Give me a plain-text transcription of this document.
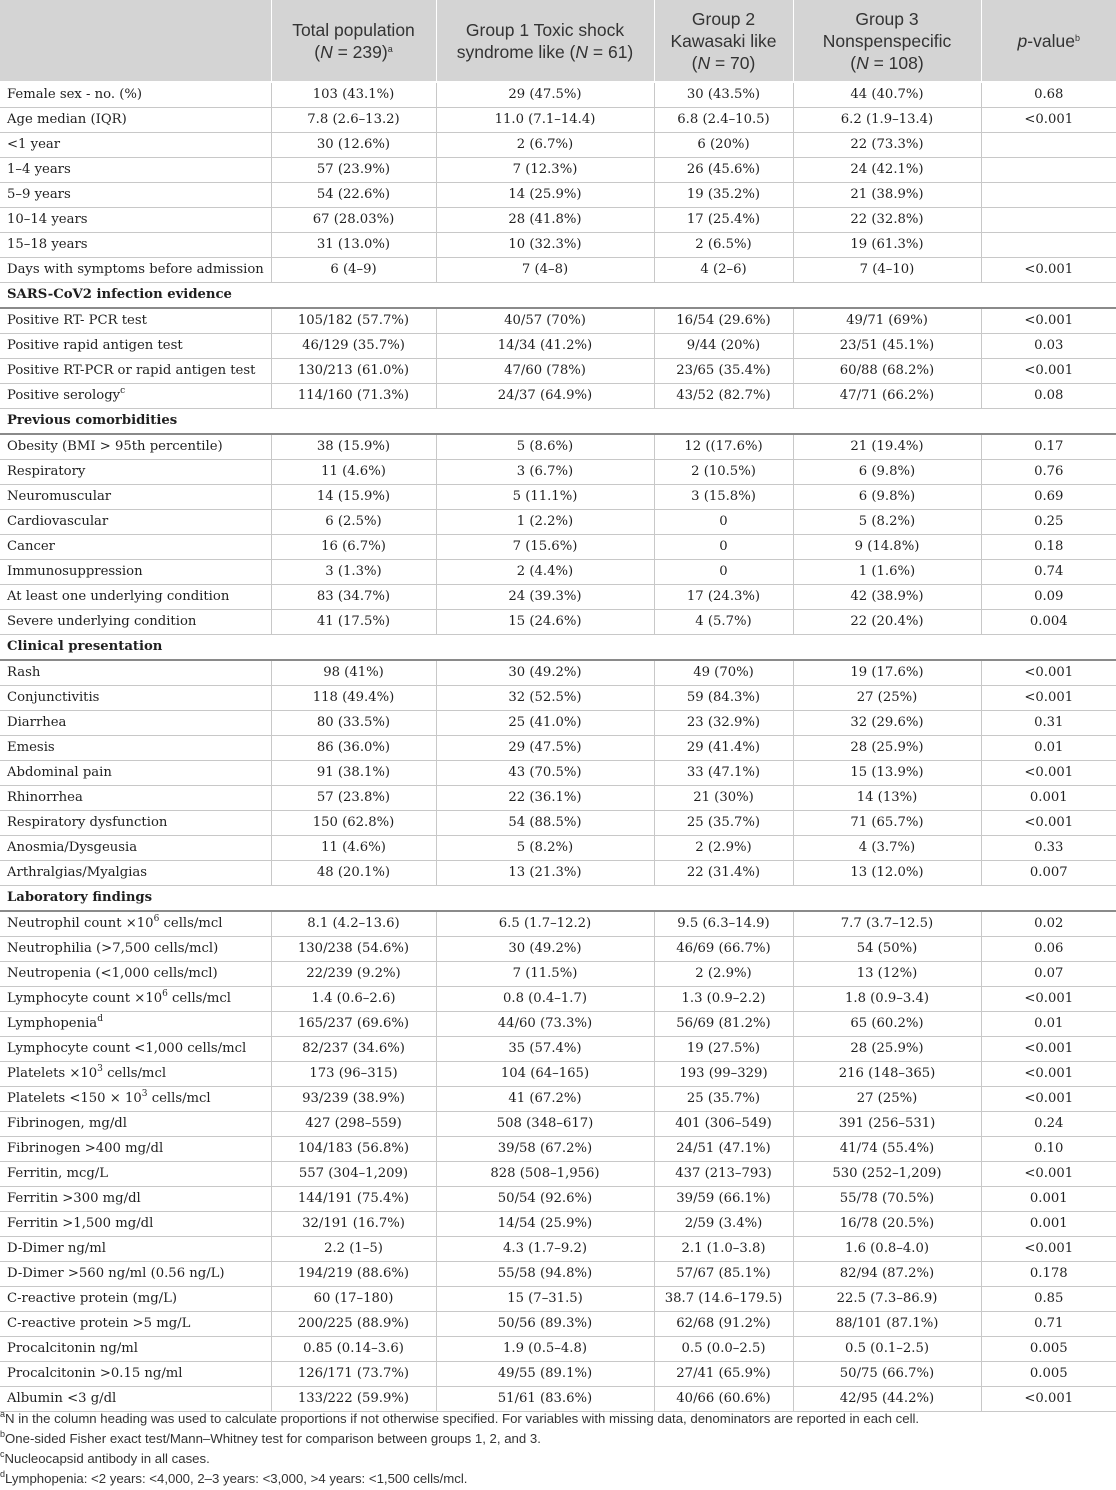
	Total population
(N = 239)$^a$	Group 1 Toxic shock
syndrome like (N = 61)	Group 2
Kawasaki like
(N = 70)	Group 3
Nonspenspecific
(N = 108)	p-value$^b$

Female sex - no. (%)	103 (43.1%)	29 (47.5%)	30 (43.5%)	44 (40.7%)	0.68
Age median (IQR)	7.8 (2.6–13.2)	11.0 (7.1–14.4)	6.8 (2.4–10.5)	6.2 (1.9–13.4)	<0.001
<1 year	30 (12.6%)	2 (6.7%)	6 (20%)	22 (73.3%)	
1–4 years	57 (23.9%)	7 (12.3%)	26 (45.6%)	24 (42.1%)	
5–9 years	54 (22.6%)	14 (25.9%)	19 (35.2%)	21 (38.9%)	
10–14 years	67 (28.03%)	28 (41.8%)	17 (25.4%)	22 (32.8%)	
15–18 years	31 (13.0%)	10 (32.3%)	2 (6.5%)	19 (61.3%)	
Days with symptoms before admission	6 (4–9)	7 (4–8)	4 (2–6)	7 (4–10)	<0.001
SARS-CoV2 infection evidence					
Positive RT- PCR test	105/182 (57.7%)	40/57 (70%)	16/54 (29.6%)	49/71 (69%)	<0.001
Positive rapid antigen test	46/129 (35.7%)	14/34 (41.2%)	9/44 (20%)	23/51 (45.1%)	0.03
Positive RT-PCR or rapid antigen test	130/213 (61.0%)	47/60 (78%)	23/65 (35.4%)	60/88 (68.2%)	<0.001
Positive serology$^c$	114/160 (71.3%)	24/37 (64.9%)	43/52 (82.7%)	47/71 (66.2%)	0.08
Previous comorbidities					
Obesity (BMI > 95th percentile)	38 (15.9%)	5 (8.6%)	12 ((17.6%)	21 (19.4%)	0.17
Respiratory	11 (4.6%)	3 (6.7%)	2 (10.5%)	6 (9.8%)	0.76
Neuromuscular	14 (15.9%)	5 (11.1%)	3 (15.8%)	6 (9.8%)	0.69
Cardiovascular	6 (2.5%)	1 (2.2%)	0	5 (8.2%)	0.25
Cancer	16 (6.7%)	7 (15.6%)	0	9 (14.8%)	0.18
Immunosuppression	3 (1.3%)	2 (4.4%)	0	1 (1.6%)	0.74
At least one underlying condition	83 (34.7%)	24 (39.3%)	17 (24.3%)	42 (38.9%)	0.09
Severe underlying condition	41 (17.5%)	15 (24.6%)	4 (5.7%)	22 (20.4%)	0.004
Clinical presentation					
Rash	98 (41%)	30 (49.2%)	49 (70%)	19 (17.6%)	<0.001
Conjunctivitis	118 (49.4%)	32 (52.5%)	59 (84.3%)	27 (25%)	<0.001
Diarrhea	80 (33.5%)	25 (41.0%)	23 (32.9%)	32 (29.6%)	0.31
Emesis	86 (36.0%)	29 (47.5%)	29 (41.4%)	28 (25.9%)	0.01
Abdominal pain	91 (38.1%)	43 (70.5%)	33 (47.1%)	15 (13.9%)	<0.001
Rhinorrhea	57 (23.8%)	22 (36.1%)	21 (30%)	14 (13%)	0.001
Respiratory dysfunction	150 (62.8%)	54 (88.5%)	25 (35.7%)	71 (65.7%)	<0.001
Anosmia/Dysgeusia	11 (4.6%)	5 (8.2%)	2 (2.9%)	4 (3.7%)	0.33
Arthralgias/Myalgias	48 (20.1%)	13 (21.3%)	22 (31.4%)	13 (12.0%)	0.007
Laboratory findings					
Neutrophil count $\times 10^6$ cells/mcl	8.1 (4.2–13.6)	6.5 (1.7–12.2)	9.5 (6.3–14.9)	7.7 (3.7–12.5)	0.02
Neutrophilia (>7,500 cells/mcl)	130/238 (54.6%)	30 (49.2%)	46/69 (66.7%)	54 (50%)	0.06
Neutropenia (<1,000 cells/mcl)	22/239 (9.2%)	7 (11.5%)	2 (2.9%)	13 (12%)	0.07
Lymphocyte count $\times 10^6$ cells/mcl	1.4 (0.6–2.6)	0.8 (0.4–1.7)	1.3 (0.9–2.2)	1.8 (0.9–3.4)	<0.001
Lymphopenia$^d$	165/237 (69.6%)	44/60 (73.3%)	56/69 (81.2%)	65 (60.2%)	0.01
Lymphocyte count <1,000 cells/mcl	82/237 (34.6%)	35 (57.4%)	19 (27.5%)	28 (25.9%)	<0.001
Platelets $\times 10^3$ cells/mcl	173 (96–315)	104 (64–165)	193 (99–329)	216 (148–365)	<0.001
Platelets $<150 \times 10^3$ cells/mcl	93/239 (38.9%)	41 (67.2%)	25 (35.7%)	27 (25%)	<0.001
Fibrinogen, mg/dl	427 (298–559)	508 (348–617)	401 (306–549)	391 (256–531)	0.24
Fibrinogen >400 mg/dl	104/183 (56.8%)	39/58 (67.2%)	24/51 (47.1%)	41/74 (55.4%)	0.10
Ferritin, mcg/L	557 (304–1,209)	828 (508–1,956)	437 (213–793)	530 (252–1,209)	<0.001
Ferritin >300 mg/dl	144/191 (75.4%)	50/54 (92.6%)	39/59 (66.1%)	55/78 (70.5%)	0.001
Ferritin >1,500 mg/dl	32/191 (16.7%)	14/54 (25.9%)	2/59 (3.4%)	16/78 (20.5%)	0.001
D-Dimer ng/ml	2.2 (1–5)	4.3 (1.7–9.2)	2.1 (1.0–3.8)	1.6 (0.8–4.0)	<0.001
D-Dimer >560 ng/ml (0.56 ng/L)	194/219 (88.6%)	55/58 (94.8%)	57/67 (85.1%)	82/94 (87.2%)	0.178
C-reactive protein (mg/L)	60 (17–180)	15 (7–31.5)	38.7 (14.6–179.5)	22.5 (7.3–86.9)	0.85
C-reactive protein >5 mg/L	200/225 (88.9%)	50/56 (89.3%)	62/68 (91.2%)	88/101 (87.1%)	0.71
Procalcitonin ng/ml	0.85 (0.14–3.6)	1.9 (0.5–4.8)	0.5 (0.0–2.5)	0.5 (0.1–2.5)	0.005
Procalcitonin >0.15 ng/ml	126/171 (73.7%)	49/55 (89.1%)	27/41 (65.9%)	50/75 (66.7%)	0.005
Albumin <3 g/dl	133/222 (59.9%)	51/61 (83.6%)	40/66 (60.6%)	42/95 (44.2%)	<0.001
$^a$N in the column heading was used to calculate proportions if not otherwise specified. For variables with missing data, denominators are reported in each cell.
$^b$One-sided Fisher exact test/Mann–Whitney test for comparison between groups 1, 2, and 3.
$^c$Nucleocapsid antibody in all cases.
$^d$Lymphopenia: <2 years: <4,000, 2–3 years: <3,000, >4 years: <1,500 cells/mcl.
